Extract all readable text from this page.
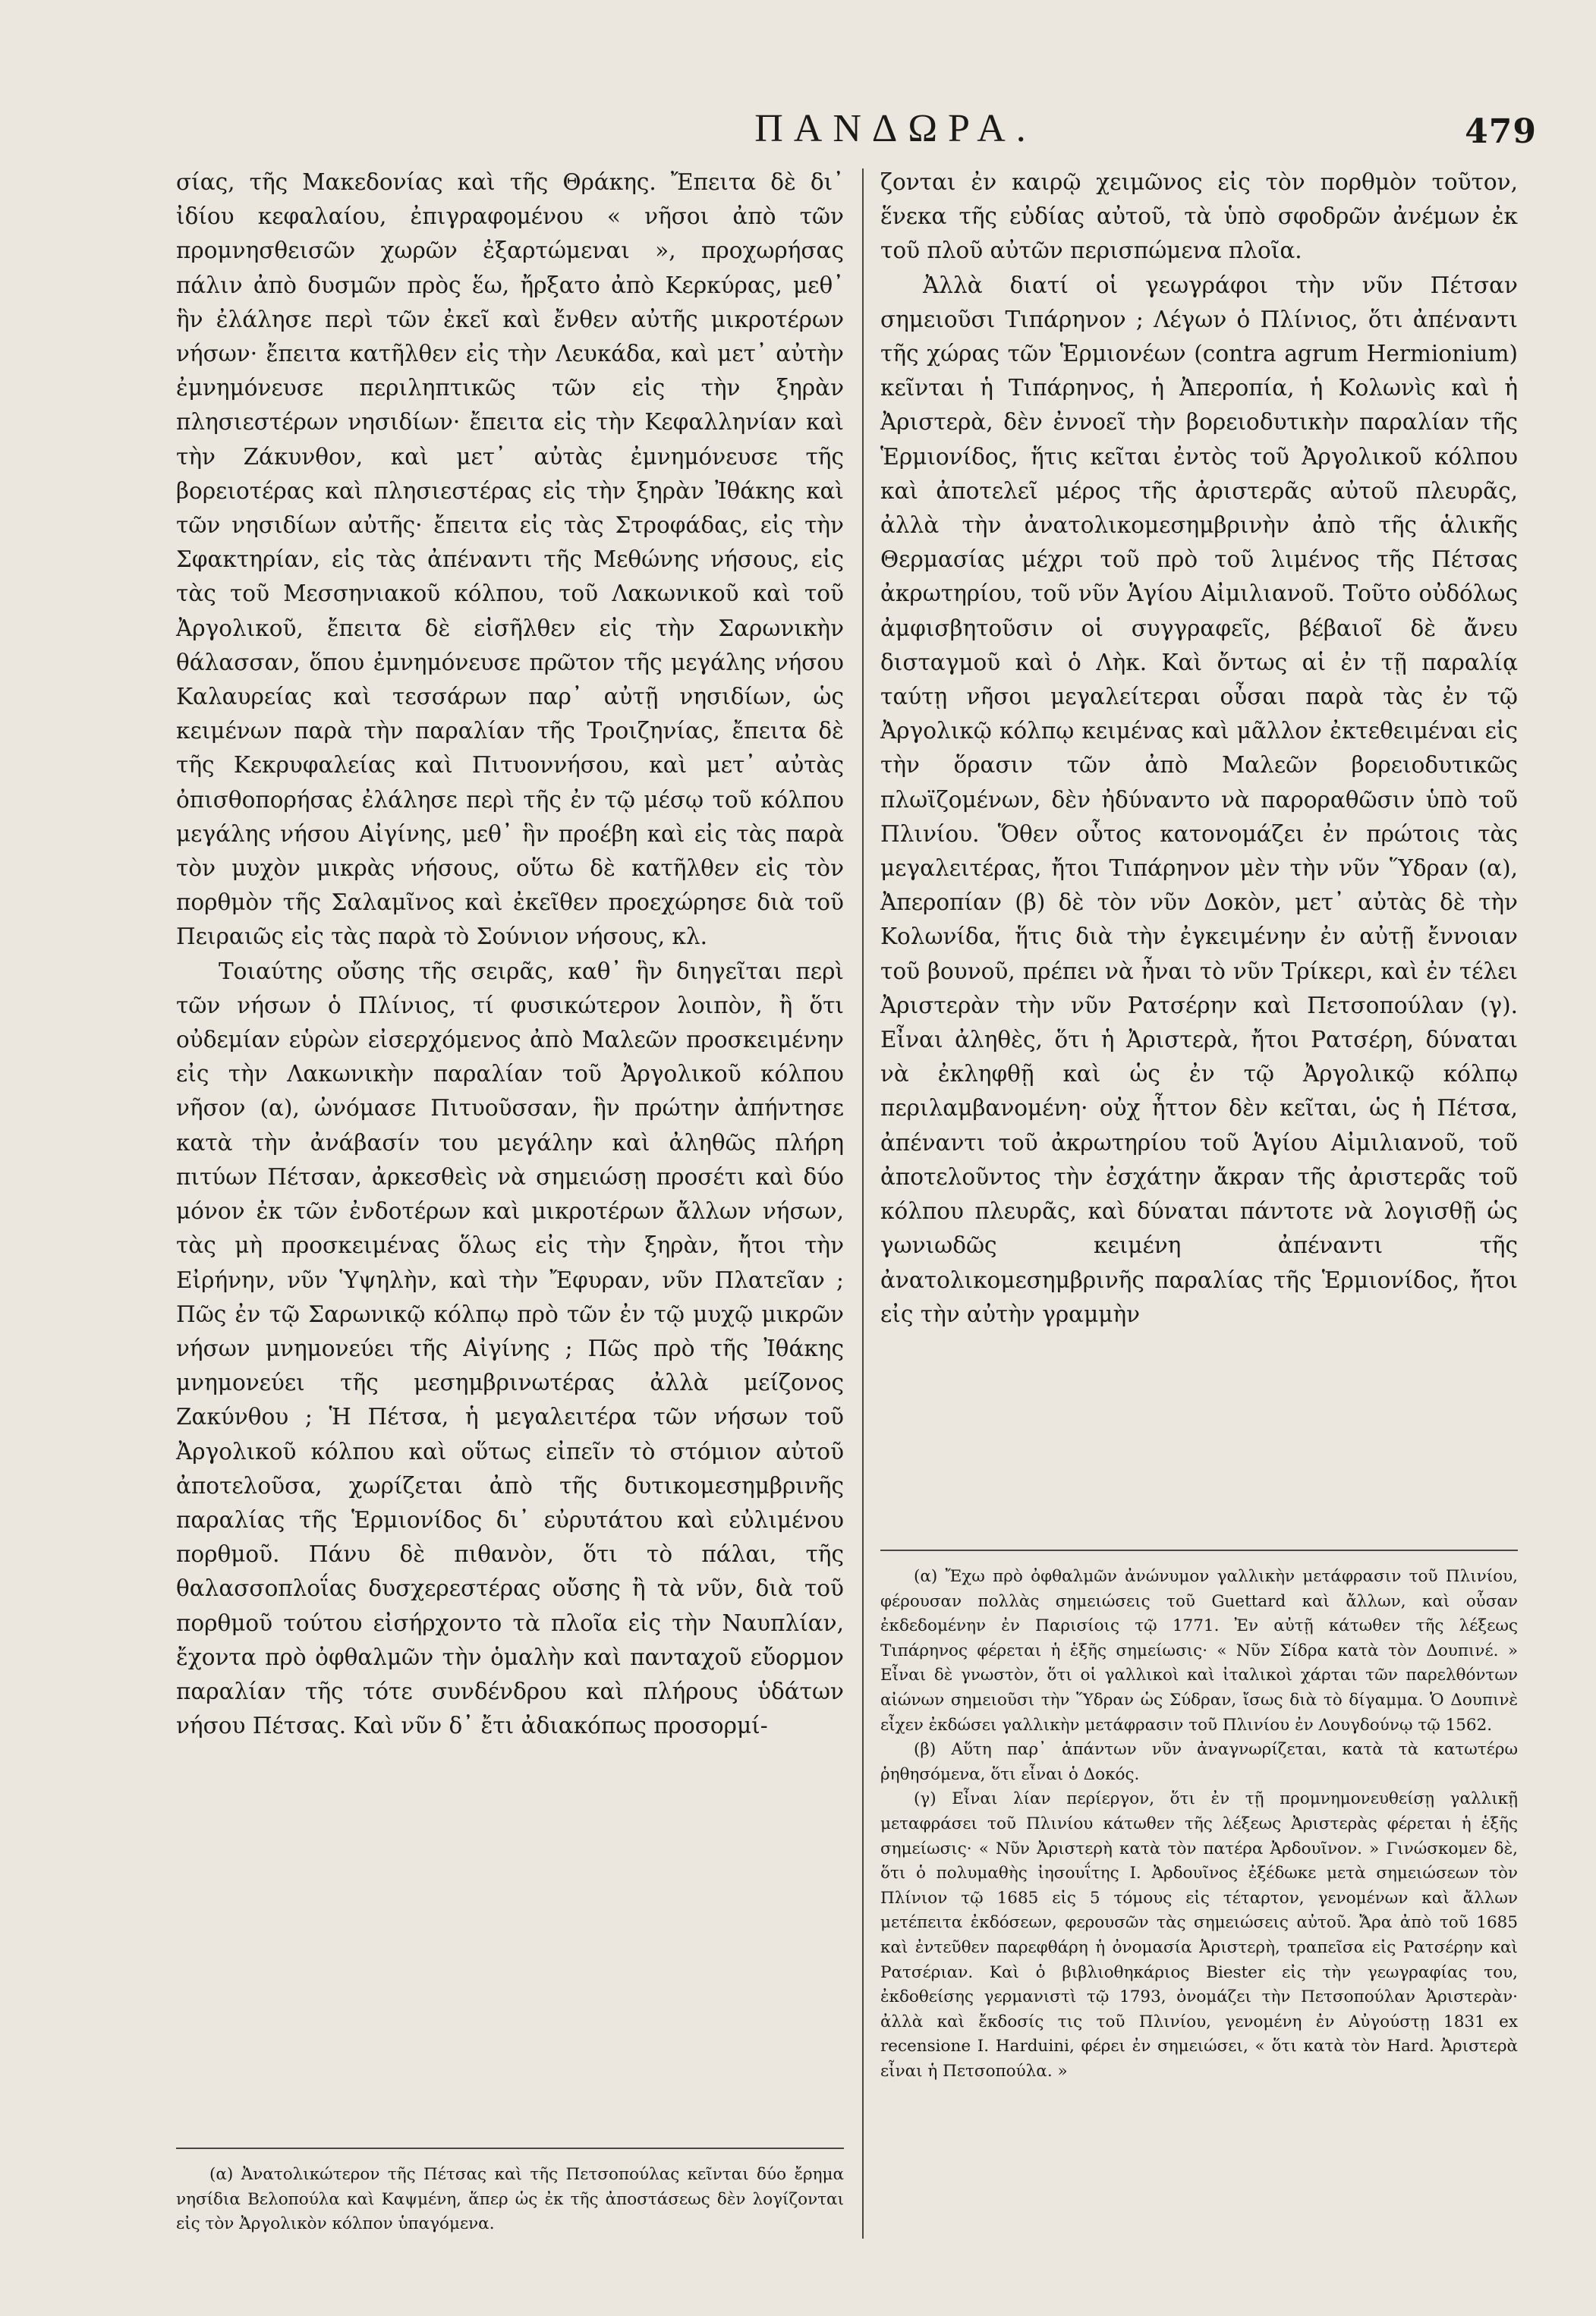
ΠΑΝΔΩΡΑ.	479

σίας, τῆς Μακεδονίας καὶ τῆς Θράκης. Ἔπειτα δὲ δι᾽ ἰδίου κεφαλαίου, ἐπιγραφομένου « νῆσοι ἀπὸ τῶν προμνησθεισῶν χωρῶν ἐξαρτώμεναι », προχωρήσας πάλιν ἀπὸ δυσμῶν πρὸς ἕω, ἤρξατο ἀπὸ Κερκύρας, μεθ᾽ ἣν ἐλάλησε περὶ τῶν ἐκεῖ καὶ ἔνθεν αὐτῆς μικροτέρων νήσων· ἔπειτα κατῆλθεν εἰς τὴν Λευκάδα, καὶ μετ᾽ αὐτὴν ἐμνημόνευσε περιληπτικῶς τῶν εἰς τὴν ξηρὰν πλησιεστέρων νησιδίων· ἔπειτα εἰς τὴν Κεφαλληνίαν καὶ τὴν Ζάκυνθον, καὶ μετ᾽ αὐτὰς ἐμνημόνευσε τῆς βορειοτέρας καὶ πλησιεστέρας εἰς τὴν ξηρὰν Ἰθάκης καὶ τῶν νησιδίων αὐτῆς· ἔπειτα εἰς τὰς Στροφάδας, εἰς τὴν Σφακτηρίαν, εἰς τὰς ἀπέναντι τῆς Μεθώνης νήσους, εἰς τὰς τοῦ Μεσσηνιακοῦ κόλπου, τοῦ Λακωνικοῦ καὶ τοῦ Ἀργολικοῦ, ἔπειτα δὲ εἰσῆλθεν εἰς τὴν Σαρωνικὴν θάλασσαν, ὅπου ἐμνημόνευσε πρῶτον τῆς μεγάλης νήσου Καλαυρείας καὶ τεσσάρων παρ᾽ αὐτῇ νησιδίων, ὡς κειμένων παρὰ τὴν παραλίαν τῆς Τροιζηνίας, ἔπειτα δὲ τῆς Κεκρυφαλείας καὶ Πιτυοννήσου, καὶ μετ᾽ αὐτὰς ὀπισθοπορήσας ἐλάλησε περὶ τῆς ἐν τῷ μέσῳ τοῦ κόλπου μεγάλης νήσου Αἰγίνης, μεθ᾽ ἣν προέβη καὶ εἰς τὰς παρὰ τὸν μυχὸν μικρὰς νήσους, οὕτω δὲ κατῆλθεν εἰς τὸν πορθμὸν τῆς Σαλαμῖνος καὶ ἐκεῖθεν προεχώρησε διὰ τοῦ Πειραιῶς εἰς τὰς παρὰ τὸ Σούνιον νήσους, κλ.

Τοιαύτης οὔσης τῆς σειρᾶς, καθ᾽ ἣν διηγεῖται περὶ τῶν νήσων ὁ Πλίνιος, τί φυσικώτερον λοιπὸν, ἢ ὅτι οὐδεμίαν εὑρὼν εἰσερχόμενος ἀπὸ Μαλεῶν προσκειμένην εἰς τὴν Λακωνικὴν παραλίαν τοῦ Ἀργολικοῦ κόλπου νῆσον (α), ὠνόμασε Πιτυοῦσσαν, ἣν πρώτην ἀπήντησε κατὰ τὴν ἀνάβασίν του μεγάλην καὶ ἀληθῶς πλήρη πιτύων Πέτσαν, ἀρκεσθεὶς νὰ σημειώσῃ προσέτι καὶ δύο μόνον ἐκ τῶν ἐνδοτέρων καὶ μικροτέρων ἄλλων νήσων, τὰς μὴ προσκειμένας ὅλως εἰς τὴν ξηρὰν, ἤτοι τὴν Εἰρήνην, νῦν Ὑψηλὴν, καὶ τὴν Ἔφυραν, νῦν Πλατεῖαν ; Πῶς ἐν τῷ Σαρωνικῷ κόλπῳ πρὸ τῶν ἐν τῷ μυχῷ μικρῶν νήσων μνημονεύει τῆς Αἰγίνης ; Πῶς πρὸ τῆς Ἰθάκης μνημονεύει τῆς μεσημβρινωτέρας ἀλλὰ μείζονος Ζακύνθου ; Ἡ Πέτσα, ἡ μεγαλειτέρα τῶν νήσων τοῦ Ἀργολικοῦ κόλπου καὶ οὕτως εἰπεῖν τὸ στόμιον αὐτοῦ ἀποτελοῦσα, χωρίζεται ἀπὸ τῆς δυτικομεσημβρινῆς παραλίας τῆς Ἑρμιονίδος δι᾽ εὐρυτάτου καὶ εὐλιμένου πορθμοῦ. Πάνυ δὲ πιθανὸν, ὅτι τὸ πάλαι, τῆς θαλασσοπλοΐας δυσχερεστέρας οὔσης ἢ τὰ νῦν, διὰ τοῦ πορθμοῦ τούτου εἰσήρχοντο τὰ πλοῖα εἰς τὴν Ναυπλίαν, ἔχοντα πρὸ ὀφθαλμῶν τὴν ὁμαλὴν καὶ πανταχοῦ εὔορμον παραλίαν τῆς τότε συνδένδρου καὶ πλήρους ὑδάτων νήσου Πέτσας. Καὶ νῦν δ᾽ ἔτι ἀδιακόπως προσορμί-

ζονται ἐν καιρῷ χειμῶνος εἰς τὸν πορθμὸν τοῦτον, ἕνεκα τῆς εὐδίας αὐτοῦ, τὰ ὑπὸ σφοδρῶν ἀνέμων ἐκ τοῦ πλοῦ αὐτῶν περισπώμενα πλοῖα.

Ἀλλὰ διατί οἱ γεωγράφοι τὴν νῦν Πέτσαν σημειοῦσι Τιπάρηνον ; Λέγων ὁ Πλίνιος, ὅτι ἀπέναντι τῆς χώρας τῶν Ἑρμιονέων (contra agrum Hermionium) κεῖνται ἡ Τιπάρηνος, ἡ Ἀπεροπία, ἡ Κολωνὶς καὶ ἡ Ἀριστερὰ, δὲν ἐννοεῖ τὴν βορειοδυτικὴν παραλίαν τῆς Ἑρμιονίδος, ἥτις κεῖται ἐντὸς τοῦ Ἀργολικοῦ κόλπου καὶ ἀποτελεῖ μέρος τῆς ἀριστερᾶς αὐτοῦ πλευρᾶς, ἀλλὰ τὴν ἀνατολικομεσημβρινὴν ἀπὸ τῆς ἁλικῆς Θερμασίας μέχρι τοῦ πρὸ τοῦ λιμένος τῆς Πέτσας ἀκρωτηρίου, τοῦ νῦν Ἁγίου Αἰμιλιανοῦ. Τοῦτο οὐδόλως ἀμφισβητοῦσιν οἱ συγγραφεῖς, βέβαιοῖ δὲ ἄνευ δισταγμοῦ καὶ ὁ Λὴκ. Καὶ ὄντως αἱ ἐν τῇ παραλίᾳ ταύτῃ νῆσοι μεγαλείτεραι οὖσαι παρὰ τὰς ἐν τῷ Ἀργολικῷ κόλπῳ κειμένας καὶ μᾶλλον ἐκτεθειμέναι εἰς τὴν ὅρασιν τῶν ἀπὸ Μαλεῶν βορειοδυτικῶς πλωϊζομένων, δὲν ἠδύναντο νὰ παροραθῶσιν ὑπὸ τοῦ Πλινίου. Ὅθεν οὗτος κατονομάζει ἐν πρώτοις τὰς μεγαλειτέρας, ἤτοι Τιπάρηνον μὲν τὴν νῦν Ὕδραν (α), Ἀπεροπίαν (β) δὲ τὸν νῦν Δοκὸν, μετ᾽ αὐτὰς δὲ τὴν Κολωνίδα, ἥτις διὰ τὴν ἐγκειμένην ἐν αὐτῇ ἔννοιαν τοῦ βουνοῦ, πρέπει νὰ ἦναι τὸ νῦν Τρίκερι, καὶ ἐν τέλει Ἀριστερὰν τὴν νῦν Ρατσέρην καὶ Πετσοπούλαν (γ). Εἶναι ἀληθὲς, ὅτι ἡ Ἀριστερὰ, ἤτοι Ρατσέρη, δύναται νὰ ἐκληφθῇ καὶ ὡς ἐν τῷ Ἀργολικῷ κόλπῳ περιλαμβανομένη· οὐχ ἧττον δὲν κεῖται, ὡς ἡ Πέτσα, ἀπέναντι τοῦ ἀκρωτηρίου τοῦ Ἁγίου Αἰμιλιανοῦ, τοῦ ἀποτελοῦντος τὴν ἐσχάτην ἄκραν τῆς ἀριστερᾶς τοῦ κόλπου πλευρᾶς, καὶ δύναται πάντοτε νὰ λογισθῇ ὡς γωνιωδῶς κειμένη ἀπέναντι τῆς ἀνατολικομεσημβρινῆς παραλίας τῆς Ἑρμιονίδος, ἤτοι εἰς τὴν αὐτὴν γραμμὴν

(α) Ἀνατολικώτερον τῆς Πέτσας καὶ τῆς Πετσοπούλας κεῖνται δύο ἔρημα νησίδια Βελοπούλα καὶ Καψμένη, ἅπερ ὡς ἐκ τῆς ἀποστάσεως δὲν λογίζονται εἰς τὸν Ἀργολικὸν κόλπον ὑπαγόμενα.

(α) Ἔχω πρὸ ὀφθαλμῶν ἀνώνυμον γαλλικὴν μετάφρασιν τοῦ Πλινίου, φέρουσαν πολλὰς σημειώσεις τοῦ Guettard καὶ ἄλλων, καὶ οὖσαν ἐκδεδομένην ἐν Παρισίοις τῷ 1771. Ἐν αὐτῇ κάτωθεν τῆς λέξεως Τιπάρηνος φέρεται ἡ ἑξῆς σημείωσις· « Νῦν Σίδρα κατὰ τὸν Δουπινέ. » Εἶναι δὲ γνωστὸν, ὅτι οἱ γαλλικοὶ καὶ ἰταλικοὶ χάρται τῶν παρελθόντων αἰώνων σημειοῦσι τὴν Ὕδραν ὡς Σύδραν, ἴσως διὰ τὸ δίγαμμα. Ὁ Δουπινὲ εἶχεν ἐκδώσει γαλλικὴν μετάφρασιν τοῦ Πλινίου ἐν Λουγδούνῳ τῷ 1562.

(β) Αὕτη παρ᾽ ἁπάντων νῦν ἀναγνωρίζεται, κατὰ τὰ κατωτέρω ῥηθησόμενα, ὅτι εἶναι ὁ Δοκός.

(γ) Εἶναι λίαν περίεργον, ὅτι ἐν τῇ προμνημονευθείσῃ γαλλικῇ μεταφράσει τοῦ Πλινίου κάτωθεν τῆς λέξεως Ἀριστερὰς φέρεται ἡ ἑξῆς σημείωσις· « Νῦν Ἀριστερὴ κατὰ τὸν πατέρα Ἀρδουῖνον. » Γινώσκομεν δὲ, ὅτι ὁ πολυμαθὴς ἰησουΐτης Ι. Ἀρδουῖνος ἐξέδωκε μετὰ σημειώσεων τὸν Πλίνιον τῷ 1685 εἰς 5 τόμους εἰς τέταρτον, γενομένων καὶ ἄλλων μετέπειτα ἐκδόσεων, φερουσῶν τὰς σημειώσεις αὐτοῦ. Ἄρα ἀπὸ τοῦ 1685 καὶ ἐντεῦθεν παρεφθάρη ἡ ὀνομασία Ἀριστερὴ, τραπεῖσα εἰς Ρατσέρην καὶ Ρατσέριαν. Καὶ ὁ βιβλιοθηκάριος Biester εἰς τὴν γεωγραφίας του, ἐκδοθείσης γερμανιστὶ τῷ 1793, ὀνομάζει τὴν Πετσοπούλαν Ἀριστερὰν· ἀλλὰ καὶ ἔκδοσίς τις τοῦ Πλινίου, γενομένη ἐν Αὐγούστῃ 1831 ex recensione I. Harduini, φέρει ἐν σημειώσει, « ὅτι κατὰ τὸν Hard. Ἀριστερὰ εἶναι ἡ Πετσοπούλα. »
